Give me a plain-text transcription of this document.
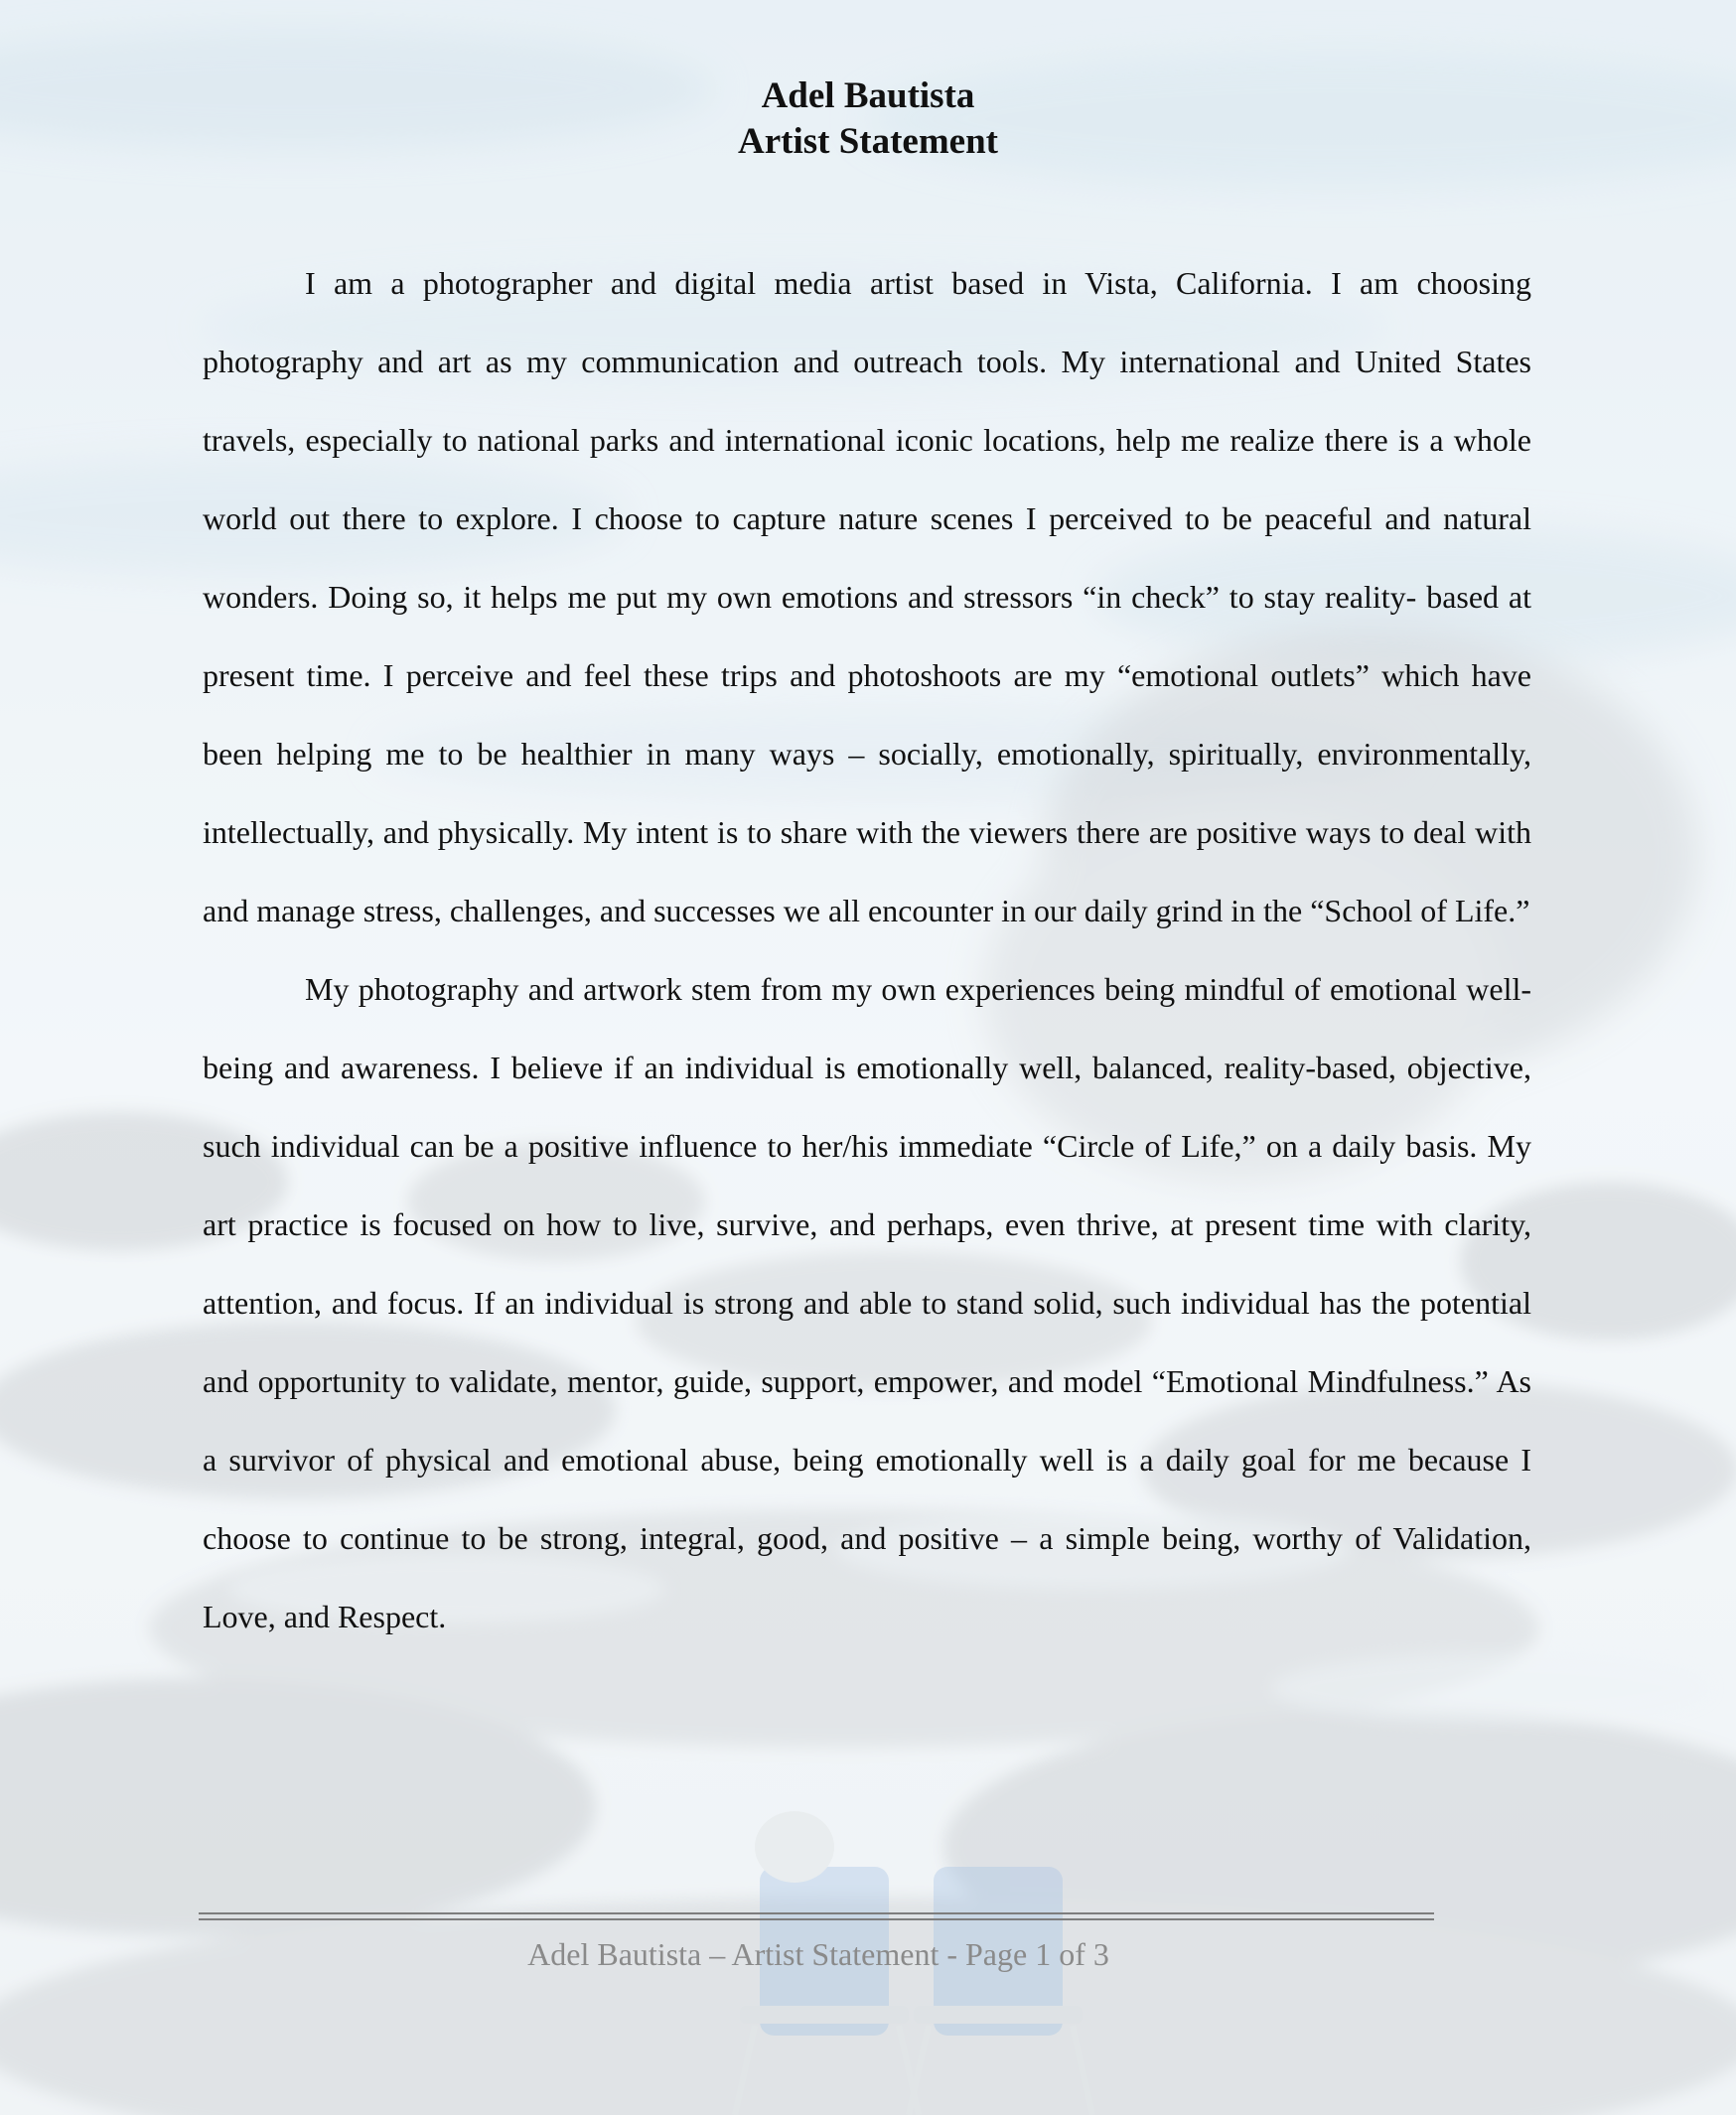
Adel Bautista
Artist Statement

I am a photographer and digital media artist based in Vista, California. I am choosing photography and art as my communication and outreach tools. My international and United States travels, especially to national parks and international iconic locations, help me realize there is a whole world out there to explore. I choose to capture nature scenes I perceived to be peaceful and natural wonders. Doing so, it helps me put my own emotions and stressors “in check” to stay reality- based at present time. I perceive and feel these trips and photoshoots are my “emotional outlets” which have been helping me to be healthier in many ways – socially, emotionally, spiritually, environmentally, intellectually, and physically. My intent is to share with the viewers there are positive ways to deal with and manage stress, challenges, and successes we all encounter in our daily grind in the “School of Life.”

My photography and artwork stem from my own experiences being mindful of emotional well-being and awareness. I believe if an individual is emotionally well, balanced, reality-based, objective, such individual can be a positive influence to her/his immediate “Circle of Life,” on a daily basis. My art practice is focused on how to live, survive, and perhaps, even thrive, at present time with clarity, attention, and focus. If an individual is strong and able to stand solid, such individual has the potential and opportunity to validate, mentor, guide, support, empower, and model “Emotional Mindfulness.” As a survivor of physical and emotional abuse, being emotionally well is a daily goal for me because I choose to continue to be strong, integral, good, and positive – a simple being, worthy of Validation, Love, and Respect.

Adel Bautista – Artist Statement - Page 1 of 3
